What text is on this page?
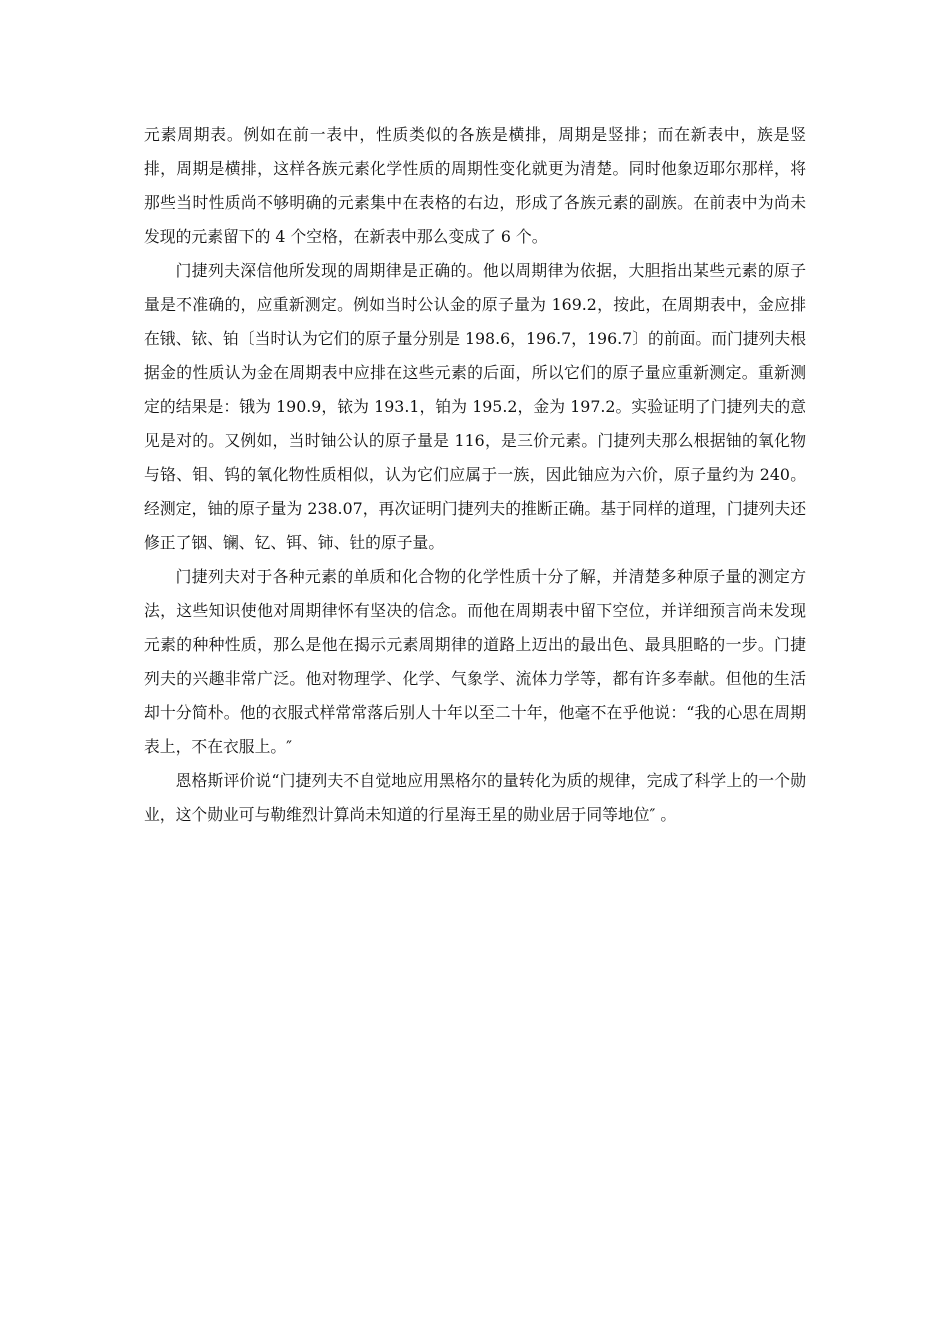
元素周期表。例如在前一表中，性质类似的各族是横排，周期是竖排；而在新表中，族是竖排，周期是横排，这样各族元素化学性质的周期性变化就更为清楚。同时他象迈耶尔那样，将那些当时性质尚不够明确的元素集中在表格的右边，形成了各族元素的副族。在前表中为尚未发现的元素留下的 4 个空格，在新表中那么变成了 6 个。

门捷列夫深信他所发现的周期律是正确的。他以周期律为依据，大胆指出某些元素的原子量是不准确的，应重新测定。例如当时公认金的原子量为 169.2，按此，在周期表中，金应排在锇、铱、铂〔当时认为它们的原子量分别是 198.6，196.7，196.7〕的前面。而门捷列夫根据金的性质认为金在周期表中应排在这些元素的后面，所以它们的原子量应重新测定。重新测定的结果是：锇为 190.9，铱为 193.1，铂为 195.2，金为 197.2。实验证明了门捷列夫的意见是对的。又例如，当时铀公认的原子量是 116，是三价元素。门捷列夫那么根据铀的氧化物与铬、钼、钨的氧化物性质相似，认为它们应属于一族，因此铀应为六价，原子量约为 240。经测定，铀的原子量为 238.07，再次证明门捷列夫的推断正确。基于同样的道理，门捷列夫还修正了铟、镧、钇、铒、铈、钍的原子量。

门捷列夫对于各种元素的单质和化合物的化学性质十分了解，并清楚多种原子量的测定方法，这些知识使他对周期律怀有坚决的信念。而他在周期表中留下空位，并详细预言尚未发现元素的种种性质，那么是他在揭示元素周期律的道路上迈出的最出色、最具胆略的一步。门捷列夫的兴趣非常广泛。他对物理学、化学、气象学、流体力学等，都有许多奉献。但他的生活却十分简朴。他的衣服式样常常落后别人十年以至二十年，他毫不在乎他说：“我的心思在周期表上，不在衣服上。″

恩格斯评价说“门捷列夫不自觉地应用黑格尔的量转化为质的规律，完成了科学上的一个勋业，这个勋业可与勒维烈计算尚未知道的行星海王星的勋业居于同等地位″ 。
